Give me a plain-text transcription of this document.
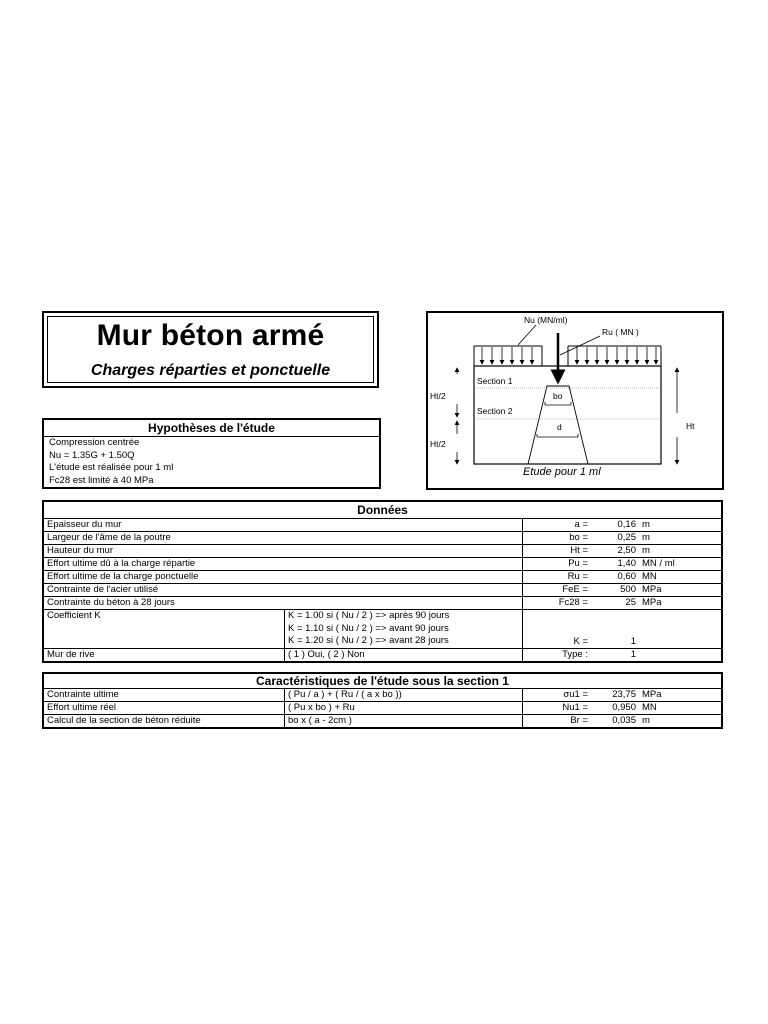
Mur béton armé
Charges réparties et ponctuelle
Hypothèses de l'étude
Compression centrée
Nu = 1.35G + 1.50Q
L'étude est réalisée pour 1 ml
Fc28 est limité à 40 MPa
Nu (MN/ml)
Ru ( MN )
Section 1
Section 2
Ht/2
Ht/2
Ht
bo
d
Etude pour 1 ml
Données
Epaisseur du mur	a =	0,16 m
Largeur de l'âme de la poutre	bo =	0,25 m
Hauteur du mur	Ht =	2,50 m
Effort ultime dû à la charge répartie	Pu =	1,40 MN / ml
Effort ultime de la charge ponctuelle	Ru =	0,60 MN
Contrainte de l'acier utilisé	FeE =	500 MPa
Contrainte du béton à 28 jours	Fc28 =	25 MPa
Coefficient K	K = 1.00 si ( Nu / 2 ) => après 90 jours
K = 1.10 si ( Nu / 2 ) => avant 90 jours
K = 1.20 si ( Nu / 2 ) => avant 28 jours	K =	1
Mur de rive	( 1 ) Oui, ( 2 ) Non	Type :	1
Caractéristiques de l'étude sous la section 1
Contrainte ultime	( Pu / a ) + ( Ru / ( a x bo ))	σu1 =	23,75 MPa
Effort ultime réel	( Pu x bo ) + Ru	Nu1 =	0,950 MN
Calcul de la section de béton réduite	bo x ( a - 2cm )	Br =	0,035 m
